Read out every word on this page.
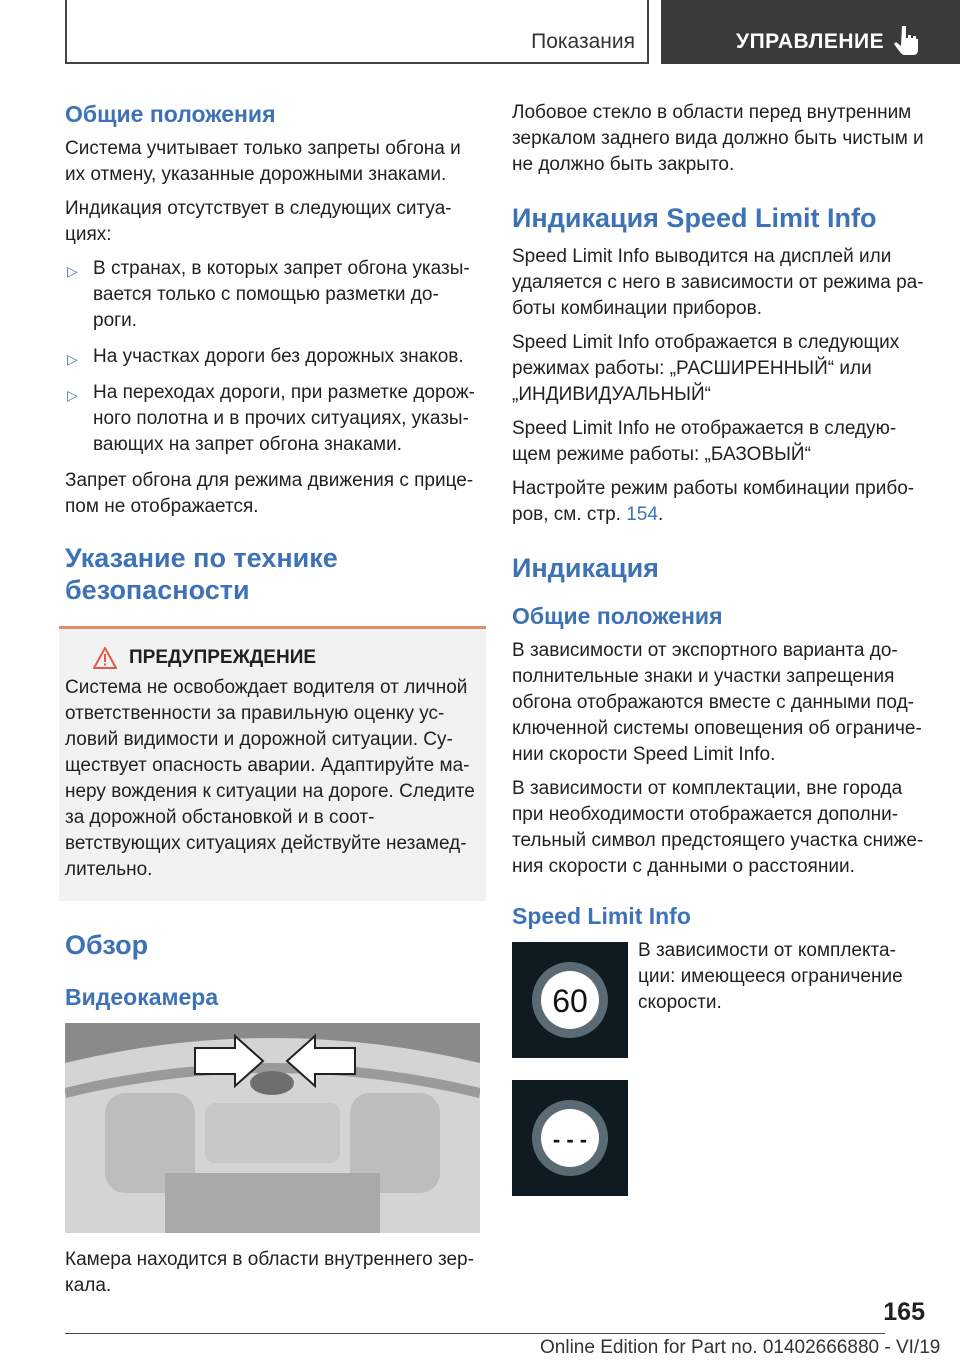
Показания	УПРАВЛЕНИЕ
Общие положения

Система учитывает только запреты обгона и их отмену, указанные дорожными знаками.

Индикация отсутствует в следующих ситуа-циях:

▷ В странах, в которых запрет обгона указы-вается только с помощью разметки до-роги.
▷ На участках дороги без дорожных знаков.
▷ На переходах дороги, при разметке дорож-ного полотна и в прочих ситуациях, указы-вающих на запрет обгона знаками.

Запрет обгона для режима движения с прице-пом не отображается.

Указание по технике безопасности
ПРЕДУПРЕЖДЕНИЕ

Система не освобождает водителя от личной ответственности за правильную оценку ус-ловий видимости и дорожной ситуации. Су-ществует опасность аварии. Адаптируйте ма-неру вождения к ситуации на дороге. Следите за дорожной обстановкой и в соот-ветствующих ситуациях действуйте незамед-лительно.

Обзор
Видеокамера

Камера находится в области внутреннего зер-кала.

Лобовое стекло в области перед внутренним зеркалом заднего вида должно быть чистым и не должно быть закрыто.

Индикация Speed Limit Info

Speed Limit Info выводится на дисплей или удаляется с него в зависимости от режима ра-боты комбинации приборов.

Speed Limit Info отображается в следующих режимах работы: „РАСШИРЕННЫЙ“ или „ИНДИВИДУАЛЬНЫЙ“

Speed Limit Info не отображается в следую-щем режиме работы: „БАЗОВЫЙ“

Настройте режим работы комбинации прибо-ров, см. стр. 154.

Индикация
Общие положения

В зависимости от экспортного варианта до-полнительные знаки и участки запрещения обгона отображаются вместе с данными под-ключенной системы оповещения об ограниче-нии скорости Speed Limit Info.

В зависимости от комплектации, вне города при необходимости отображается дополни-тельный символ предстоящего участка сниже-ния скорости с данными о расстоянии.

Speed Limit Info
60

В зависимости от комплекта-ции: имеющееся ограничение скорости.

- - -
165
Online Edition for Part no. 01402666880 - VI/19
